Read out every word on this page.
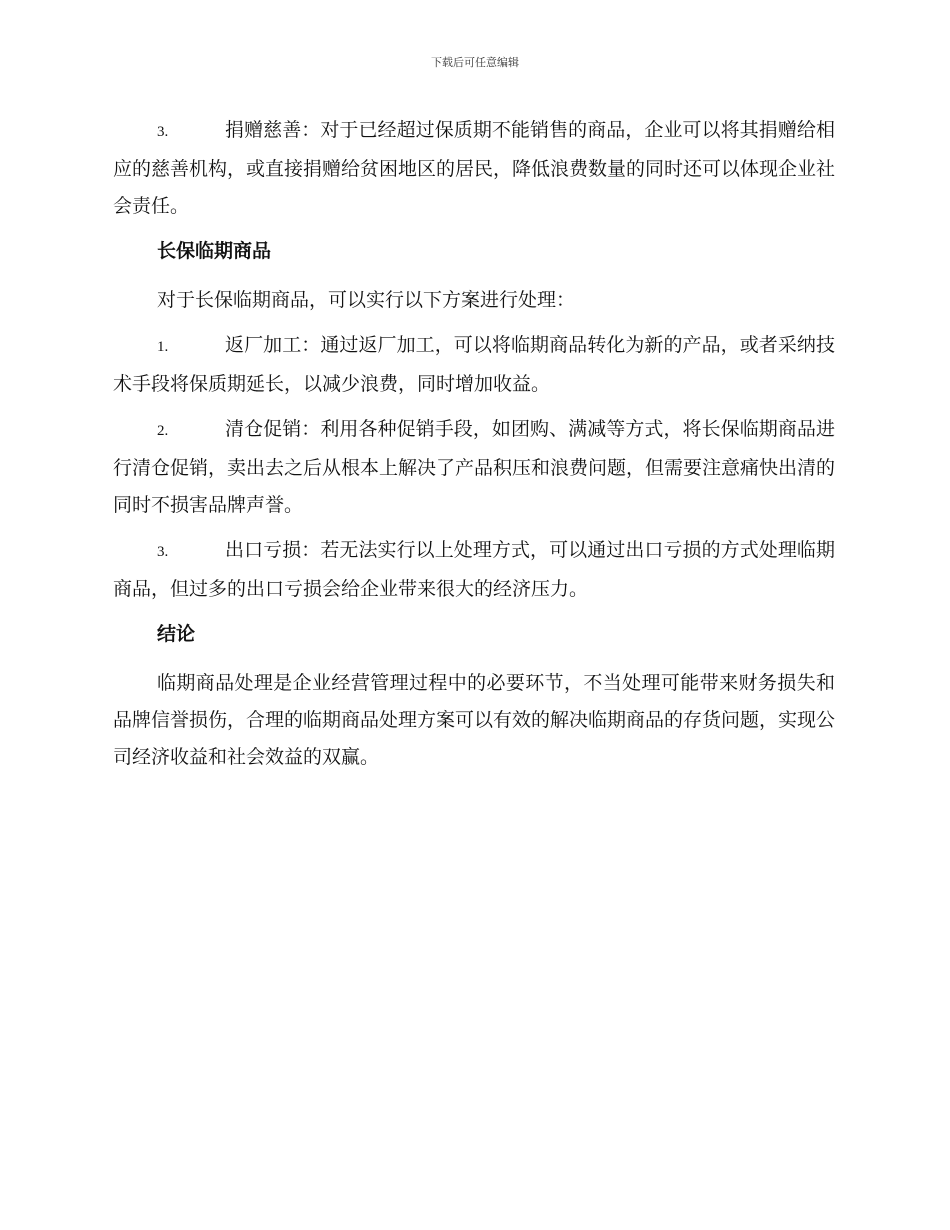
下载后可任意编辑

3.	捐赠慈善：对于已经超过保质期不能销售的商品，企业可以将其捐赠给相应的慈善机构，或直接捐赠给贫困地区的居民，降低浪费数量的同时还可以体现企业社会责任。

长保临期商品

对于长保临期商品，可以实行以下方案进行处理：

1.	返厂加工：通过返厂加工，可以将临期商品转化为新的产品，或者采纳技术手段将保质期延长，以减少浪费，同时增加收益。

2.	清仓促销：利用各种促销手段，如团购、满减等方式，将长保临期商品进行清仓促销，卖出去之后从根本上解决了产品积压和浪费问题，但需要注意痛快出清的同时不损害品牌声誉。

3.	出口亏损：若无法实行以上处理方式，可以通过出口亏损的方式处理临期商品，但过多的出口亏损会给企业带来很大的经济压力。

结论

临期商品处理是企业经营管理过程中的必要环节，不当处理可能带来财务损失和品牌信誉损伤，合理的临期商品处理方案可以有效的解决临期商品的存货问题，实现公司经济收益和社会效益的双赢。
